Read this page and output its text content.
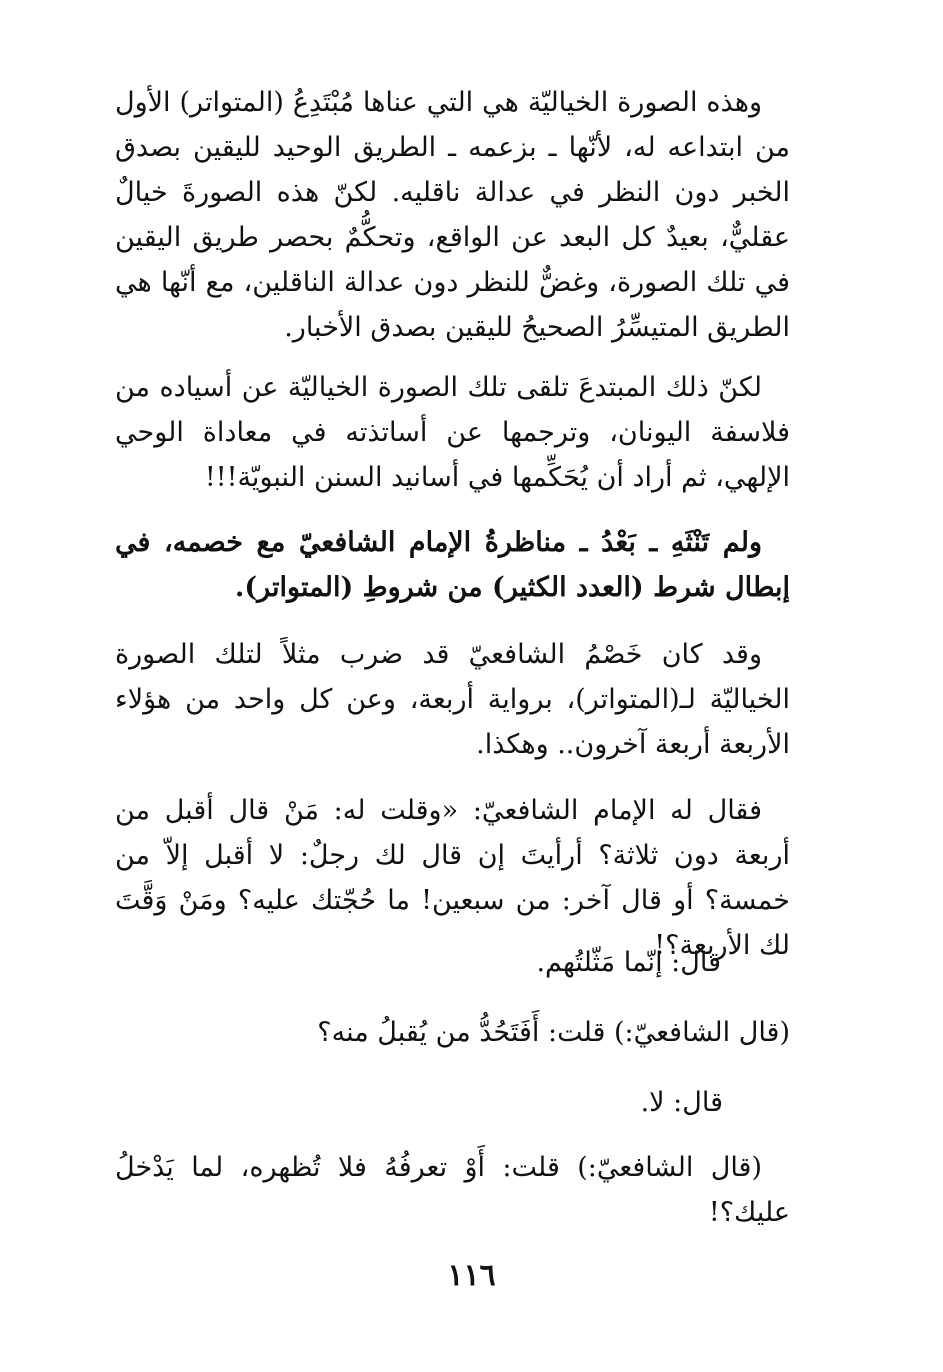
وهذه الصورة الخياليّة هي التي عناها مُبْتَدِعُ (المتواتر) الأول من ابتداعه له، لأنّها ـ بزعمه ـ الطريق الوحيد لليقين بصدق الخبر دون النظر في عدالة ناقليه. لكنّ هذه الصورةَ خيالٌ عقليٌّ، بعيدٌ كل البعد عن الواقع، وتحكُّمٌ بحصر طريق اليقين في تلك الصورة، وغضٌّ للنظر دون عدالة الناقلين، مع أنّها هي الطريق المتيسِّرُ الصحيحُ لليقين بصدق الأخبار.

لكنّ ذلك المبتدعَ تلقى تلك الصورة الخياليّة عن أسياده من فلاسفة اليونان، وترجمها عن أساتذته في معاداة الوحي الإلهي، ثم أراد أن يُحَكِّمها في أسانيد السنن النبويّة!!!

ولم تَنْثَهِ ـ بَعْدُ ـ مناظرةُ الإمام الشافعيّ مع خصمه، في إبطال شرط (العدد الكثير) من شروطِ (المتواتر).

وقد كان خَصْمُ الشافعيّ قد ضرب مثلاً لتلك الصورة الخياليّة لـ(المتواتر)، برواية أربعة، وعن كل واحد من هؤلاء الأربعة أربعة آخرون.. وهكذا.

فقال له الإمام الشافعيّ: «وقلت له: مَنْ قال أقبل من أربعة دون ثلاثة؟ أرأيتَ إن قال لك رجلٌ: لا أقبل إلاّ من خمسة؟ أو قال آخر: من سبعين! ما حُجّتك عليه؟ ومَنْ وَقَّتَ لك الأربعة؟!

قال: إنّما مَثّلتُهم.
(قال الشافعيّ:) قلت: أَفَتَحُدُّ من يُقبلُ منه؟
قال: لا.

(قال الشافعيّ:) قلت: أَوْ تعرفُهُ فلا تُظهره، لما يَدْخلُ عليك؟!

١١٦
